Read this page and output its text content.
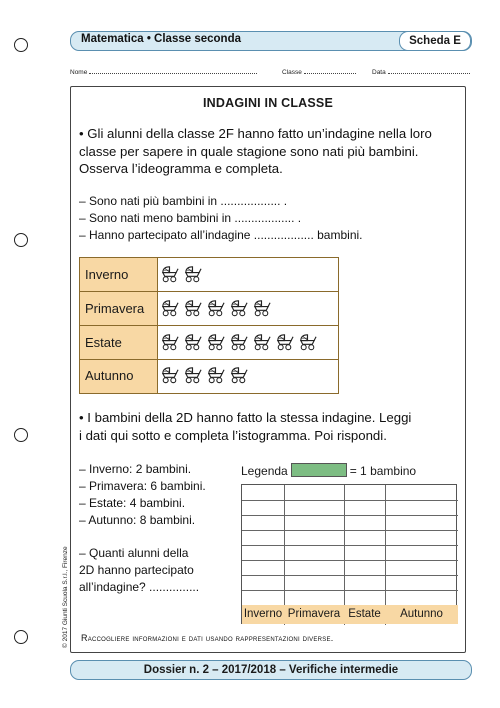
Matematica • Classe seconda	Scheda E
Nome	Classe	Data
INDAGINI IN CLASSE
• Gli alunni della classe 2F hanno fatto un’indagine nella loro
classe per sapere in quale stagione sono nati più bambini.
Osserva l’ideogramma e completa.
– Sono nati più bambini in .................. .
– Sono nati meno bambini in .................. .
– Hanno partecipato all’indagine .................. bambini.
Inverno
Primavera
Estate
Autunno
• I bambini della 2D hanno fatto la stessa indagine. Leggi
i dati qui sotto e completa l’istogramma. Poi rispondi.
– Inverno: 2 bambini.
– Primavera: 6 bambini.
– Estate: 4 bambini.
– Autunno: 8 bambini.
– Quanti alunni della
2D hanno partecipato
all’indagine? ...............
Legenda	= 1 bambino
Inverno Primavera Estate	Autunno
Raccogliere informazioni e dati usando rappresentazioni diverse.
© 2017 Giunti Scuola S.r.l., Firenze
Dossier n. 2 – 2017/2018 – Verifiche intermedie
